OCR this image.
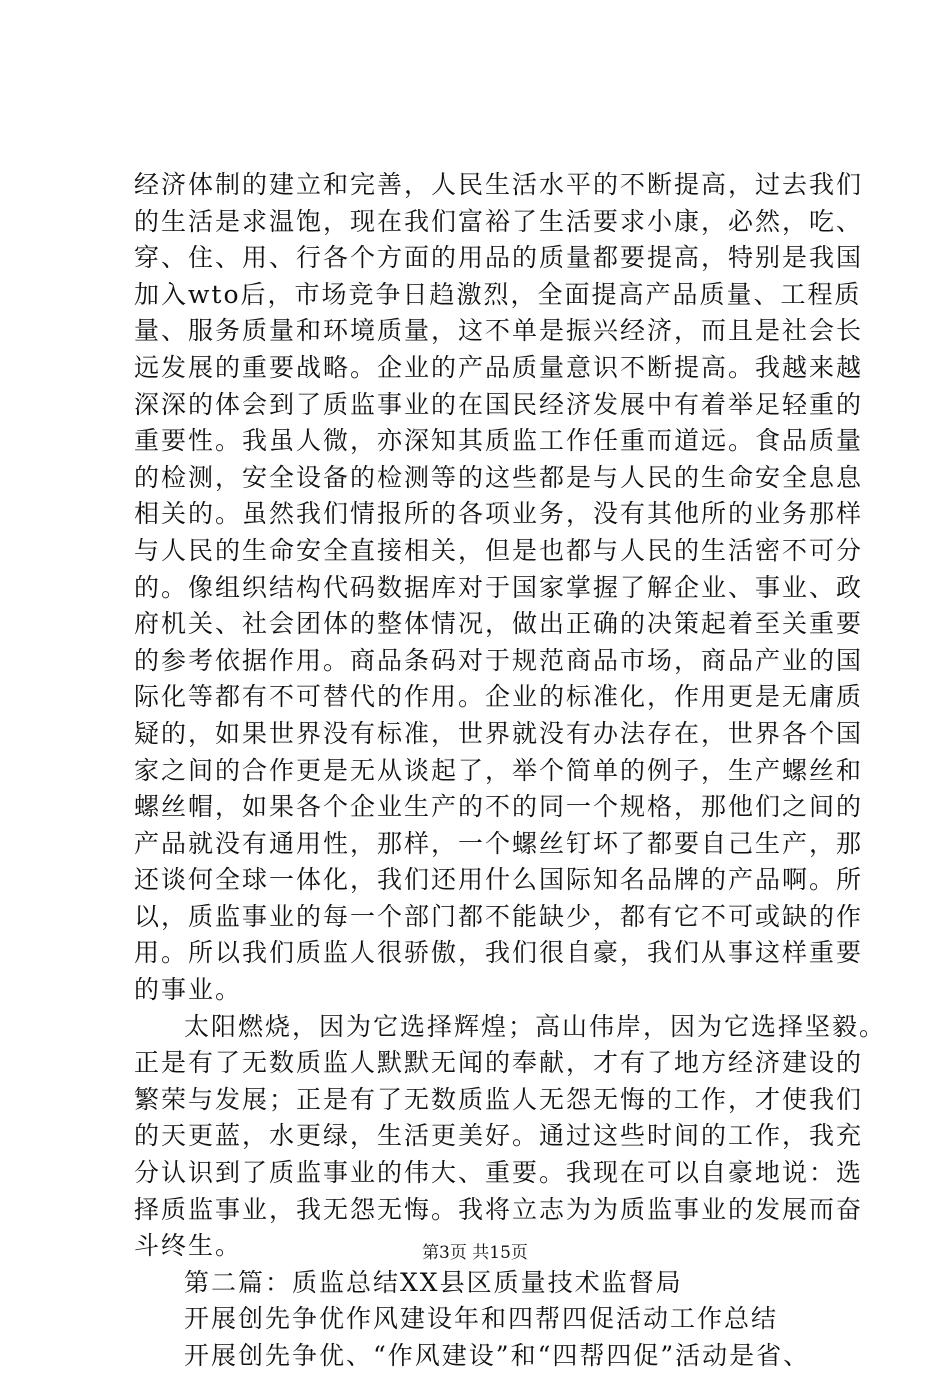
经济体制的建立和完善，人民生活水平的不断提高，过去我们
的生活是求温饱，现在我们富裕了生活要求小康，必然，吃、
穿、住、用、行各个方面的用品的质量都要提高，特别是我国
加入wto后，市场竞争日趋激烈，全面提高产品质量、工程质
量、服务质量和环境质量，这不单是振兴经济，而且是社会长
远发展的重要战略。企业的产品质量意识不断提高。我越来越
深深的体会到了质监事业的在国民经济发展中有着举足轻重的
重要性。我虽人微，亦深知其质监工作任重而道远。食品质量
的检测，安全设备的检测等的这些都是与人民的生命安全息息
相关的。虽然我们情报所的各项业务，没有其他所的业务那样
与人民的生命安全直接相关，但是也都与人民的生活密不可分
的。像组织结构代码数据库对于国家掌握了解企业、事业、政
府机关、社会团体的整体情况，做出正确的决策起着至关重要
的参考依据作用。商品条码对于规范商品市场，商品产业的国
际化等都有不可替代的作用。企业的标准化，作用更是无庸质
疑的，如果世界没有标准，世界就没有办法存在，世界各个国
家之间的合作更是无从谈起了，举个简单的例子，生产螺丝和
螺丝帽，如果各个企业生产的不的同一个规格，那他们之间的
产品就没有通用性，那样，一个螺丝钉坏了都要自己生产，那
还谈何全球一体化，我们还用什么国际知名品牌的产品啊。所
以，质监事业的每一个部门都不能缺少，都有它不可或缺的作
用。所以我们质监人很骄傲，我们很自豪，我们从事这样重要
的事业。
太阳燃烧，因为它选择辉煌；高山伟岸，因为它选择坚毅。
正是有了无数质监人默默无闻的奉献，才有了地方经济建设的
繁荣与发展；正是有了无数质监人无怨无悔的工作，才使我们
的天更蓝，水更绿，生活更美好。通过这些时间的工作，我充
分认识到了质监事业的伟大、重要。我现在可以自豪地说：选
择质监事业，我无怨无悔。我将立志为为质监事业的发展而奋
斗终生。
第二篇：质监总结XX县区质量技术监督局
开展创先争优作风建设年和四帮四促活动工作总结
开展创先争优、“作风建设”和“四帮四促”活动是省、
第3页 共15页
